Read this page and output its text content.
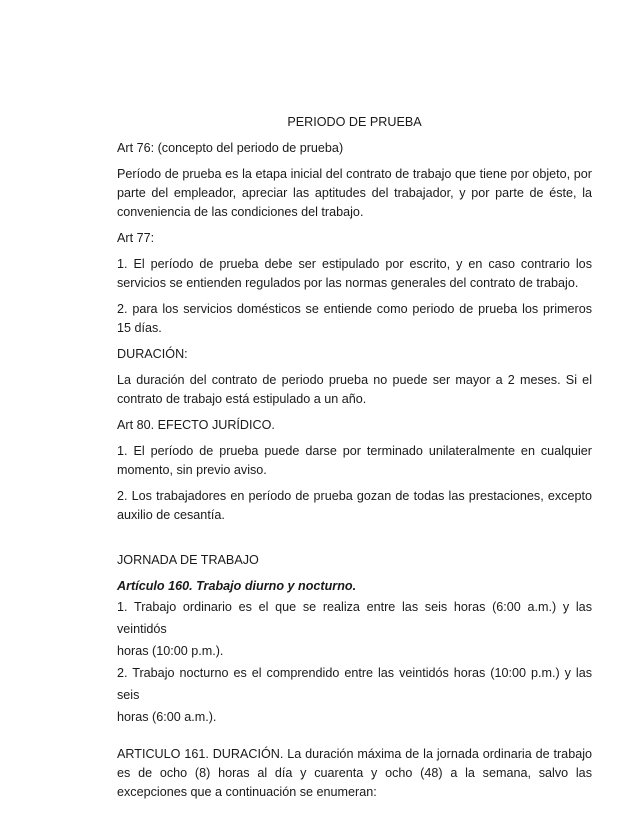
PERIODO DE PRUEBA

Art 76: (concepto del periodo de prueba)

Período de prueba es la etapa inicial del contrato de trabajo que tiene por objeto, por parte del empleador, apreciar las aptitudes del trabajador, y por parte de éste, la conveniencia de las condiciones del trabajo.

Art 77:

1. El período de prueba debe ser estipulado por escrito, y en caso contrario los servicios se entienden regulados por las normas generales del contrato de trabajo.

2. para los servicios domésticos se entiende como periodo de prueba los primeros 15 días.

DURACIÓN:

La duración del contrato de periodo prueba no puede ser mayor a 2 meses. Si el contrato de trabajo está estipulado a un año.

Art 80. EFECTO JURÍDICO.

1. El período de prueba puede darse por terminado unilateralmente en cualquier momento, sin previo aviso.

2. Los trabajadores en período de prueba gozan de todas las prestaciones, excepto auxilio de cesantía.

JORNADA DE TRABAJO

Artículo 160. Trabajo diurno y nocturno.

1. Trabajo ordinario es el que se realiza entre las seis horas (6:00 a.m.) y las veintidós

horas (10:00 p.m.).

2. Trabajo nocturno es el comprendido entre las veintidós horas (10:00 p.m.) y las seis

horas (6:00 a.m.).

ARTICULO 161. DURACIÓN. La duración máxima de la jornada ordinaria de trabajo es de ocho (8) horas al día y cuarenta y ocho (48) a la semana, salvo las excepciones que a continuación se enumeran:
